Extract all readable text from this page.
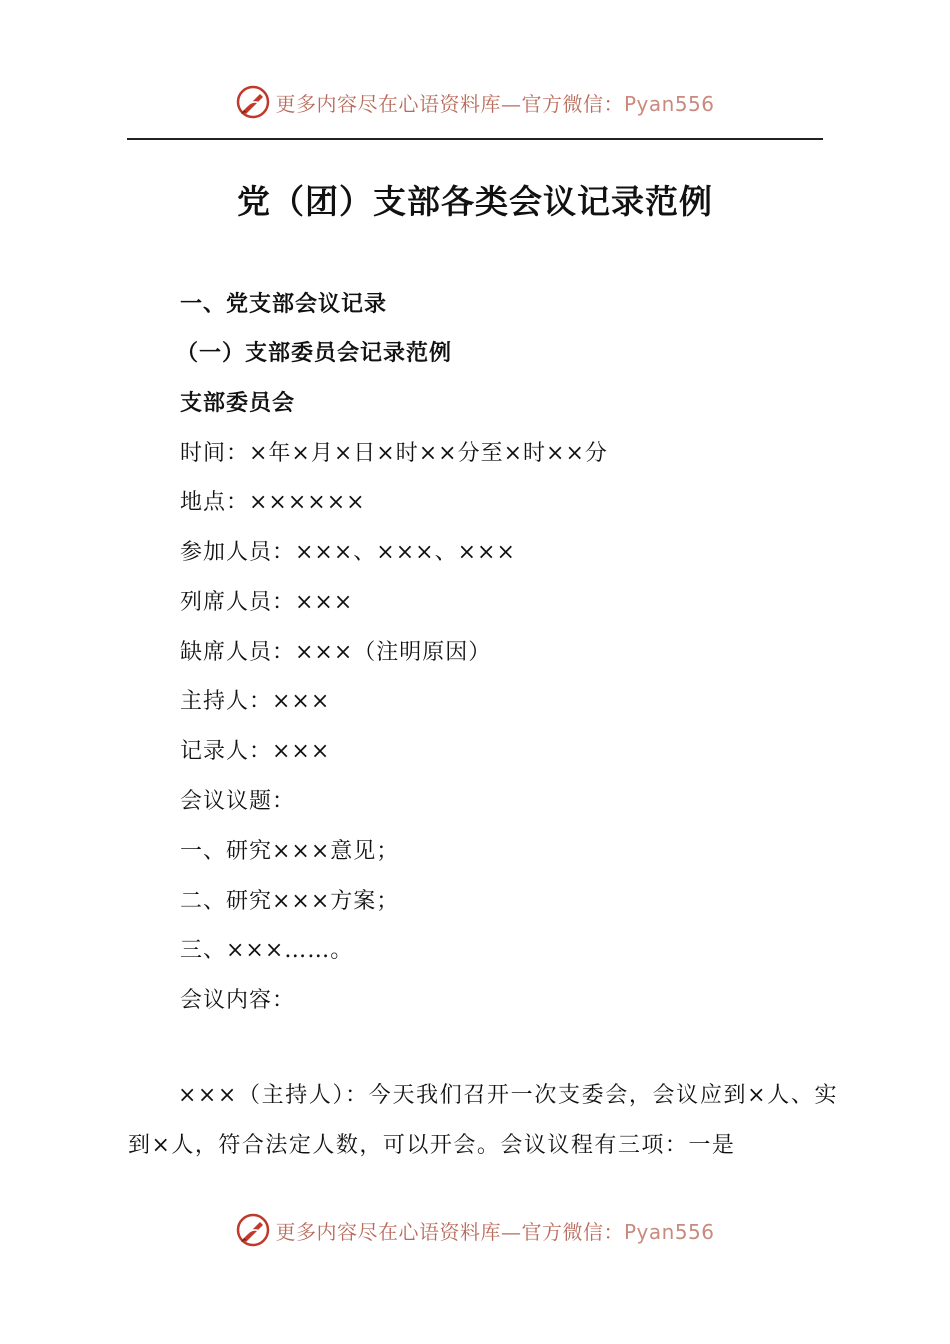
更多内容尽在心语资料库—官方微信：Pyan556
党（团）支部各类会议记录范例
一、党支部会议记录
（一）支部委员会记录范例
支部委员会
时间：×年×月×日×时××分至×时××分
地点：××××××
参加人员：×××、×××、×××
列席人员：×××
缺席人员：×××（注明原因）
主持人：×××
记录人：×××
会议议题：
一、研究×××意见；
二、研究×××方案；
三、×××……。
会议内容：
×××（主持人）：今天我们召开一次支委会，会议应到×人、实到×人，符合法定人数，可以开会。会议议程有三项：一是
更多内容尽在心语资料库—官方微信：Pyan556
